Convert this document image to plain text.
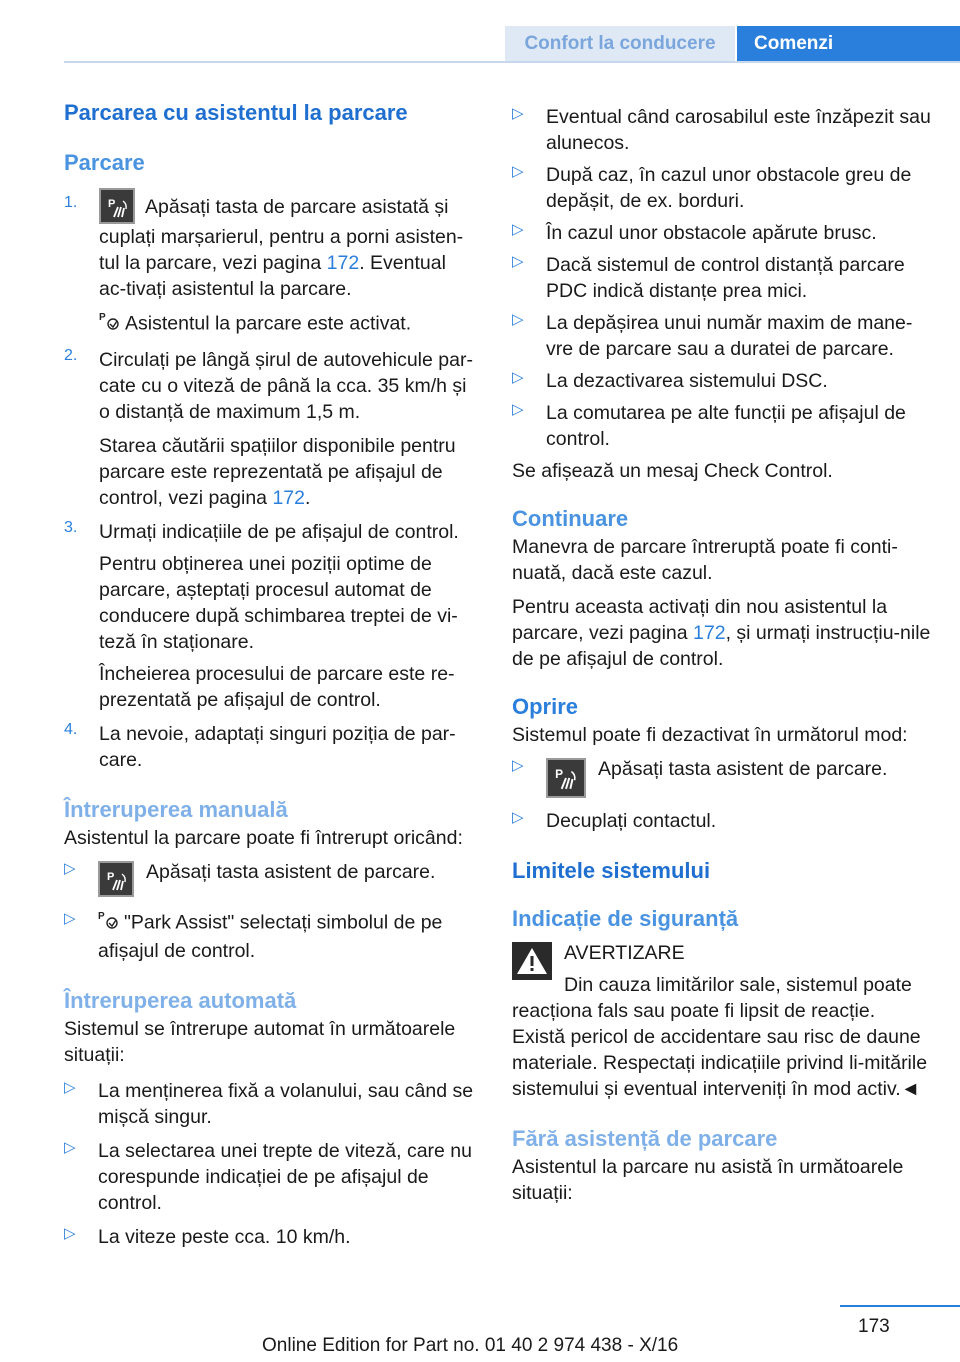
Confort la conducere	Comenzi
Parcarea cu asistentul la parcare
Parcare
1.	P Apăsați tasta de parcare asistată și cuplați marșarierul, pentru a porni asisten-tul la parcare, vezi pagina 172. Eventual ac-tivați asistentul la parcare.

P Asistentul la parcare este activat.

2.	Circulați pe lângă șirul de autovehicule par-cate cu o viteză de până la cca. 35 km/h și o distanță de maximum 1,5 m.

Starea căutării spațiilor disponibile pentru parcare este reprezentată pe afișajul de control, vezi pagina 172.

3.	Urmați indicațiile de pe afișajul de control.

Pentru obținerea unei poziții optime de parcare, așteptați procesul automat de conducere după schimbarea treptei de vi-teză în staționare.

Încheierea procesului de parcare este re-prezentată pe afișajul de control.

4.	La nevoie, adaptați singuri poziția de par-care.

Întreruperea manuală

Asistentul la parcare poate fi întrerupt oricând:

▷	P	Apăsați tasta asistent de parcare.

▷	P "Park Assist" selectați simbolul de pe afișajul de control.

Întreruperea automată

Sistemul se întrerupe automat în următoarele situații:

▷	La menținerea fixă a volanului, sau când se mișcă singur.

▷	La selectarea unei trepte de viteză, care nu corespunde indicației de pe afișajul de control.

▷	La viteze peste cca. 10 km/h.

▷	Eventual când carosabilul este înzăpezit sau alunecos.

▷	După caz, în cazul unor obstacole greu de depășit, de ex. borduri.

▷	În cazul unor obstacole apărute brusc.

▷	Dacă sistemul de control distanță parcare PDC indică distanțe prea mici.

▷	La depășirea unui număr maxim de mane-vre de parcare sau a duratei de parcare.

▷	La dezactivarea sistemului DSC.

▷	La comutarea pe alte funcții pe afișajul de control.

Se afișează un mesaj Check Control.

Continuare

Manevra de parcare întreruptă poate fi conti-nuată, dacă este cazul.

Pentru aceasta activați din nou asistentul la parcare, vezi pagina 172, și urmați instrucțiu-nile de pe afișajul de control.

Oprire

Sistemul poate fi dezactivat în următorul mod:

▷	P	Apăsați tasta asistent de parcare.

▷	Decuplați contactul.

Limitele sistemului
Indicație de siguranță

AVERTIZARE

Din cauza limitărilor sale, sistemul poate reacționa fals sau poate fi lipsit de reacție. Există pericol de accidentare sau risc de daune materiale. Respectați indicațiile privind li-mitările sistemului și eventual interveniți în mod activ.◄

Fără asistență de parcare

Asistentul la parcare nu asistă în următoarele situații:

173
Online Edition for Part no. 01 40 2 974 438 - X/16
